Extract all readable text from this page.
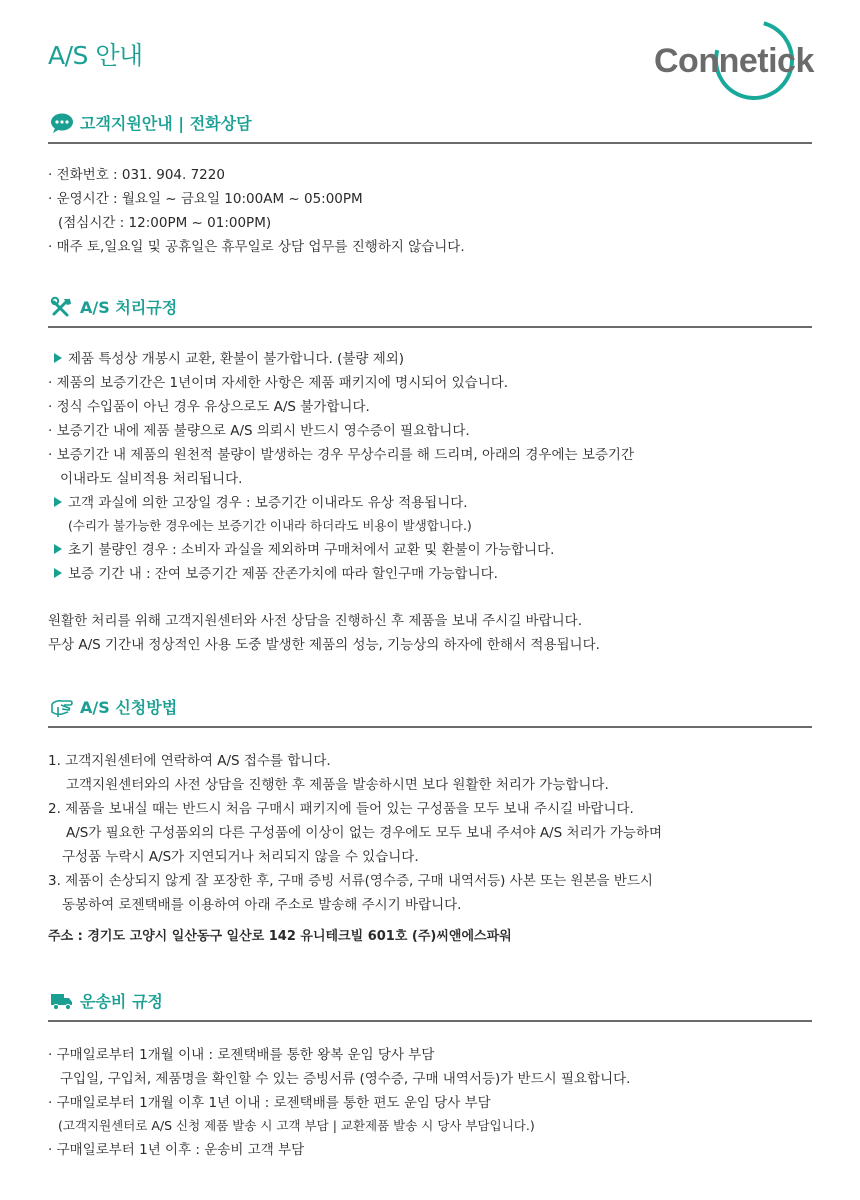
A/S 안내	Connetick
고객지원안내 | 전화상담
· 전화번호 : 031. 904. 7220
· 운영시간 : 월요일 ~ 금요일 10:00AM ~ 05:00PM
(점심시간 : 12:00PM ~ 01:00PM)
· 매주 토,일요일 및 공휴일은 휴무일로 상담 업무를 진행하지 않습니다.
A/S 처리규정
제품 특성상 개봉시 교환, 환불이 불가합니다. (불량 제외)
· 제품의 보증기간은 1년이며 자세한 사항은 제품 패키지에 명시되어 있습니다.
· 정식 수입품이 아닌 경우 유상으로도 A/S 불가합니다.
· 보증기간 내에 제품 불량으로 A/S 의뢰시 반드시 영수증이 필요합니다.
· 보증기간 내 제품의 원천적 불량이 발생하는 경우 무상수리를 해 드리며, 아래의 경우에는 보증기간
이내라도 실비적용 처리됩니다.
고객 과실에 의한 고장일 경우 : 보증기간 이내라도 유상 적용됩니다.
(수리가 불가능한 경우에는 보증기간 이내라 하더라도 비용이 발생합니다.)
초기 불량인 경우 : 소비자 과실을 제외하며 구매처에서 교환 및 환불이 가능합니다.
보증 기간 내 : 잔여 보증기간 제품 잔존가치에 따라 할인구매 가능합니다.
원활한 처리를 위해 고객지원센터와 사전 상담을 진행하신 후 제품을 보내 주시길 바랍니다.
무상 A/S 기간내 정상적인 사용 도중 발생한 제품의 성능, 기능상의 하자에 한해서 적용됩니다.
A/S 신청방법
1. 고객지원센터에 연락하여 A/S 접수를 합니다.
고객지원센터와의 사전 상담을 진행한 후 제품을 발송하시면 보다 원활한 처리가 가능합니다.
2. 제품을 보내실 때는 반드시 처음 구매시 패키지에 들어 있는 구성품을 모두 보내 주시길 바랍니다.
A/S가 필요한 구성품외의 다른 구성품에 이상이 없는 경우에도 모두 보내 주셔야 A/S 처리가 가능하며
구성품 누락시 A/S가 지연되거나 처리되지 않을 수 있습니다.
3. 제품이 손상되지 않게 잘 포장한 후, 구매 증빙 서류(영수증, 구매 내역서등) 사본 또는 원본을 반드시
동봉하여 로젠택배를 이용하여 아래 주소로 발송해 주시기 바랍니다.
주소 : 경기도 고양시 일산동구 일산로 142 유니테크빌 601호 (주)씨앤에스파워
운송비 규정
· 구매일로부터 1개월 이내 : 로젠택배를 통한 왕복 운임 당사 부담
구입일, 구입처, 제품명을 확인할 수 있는 증빙서류 (영수증, 구매 내역서등)가 반드시 필요합니다.
· 구매일로부터 1개월 이후 1년 이내 : 로젠택배를 통한 편도 운임 당사 부담
(고객지원센터로 A/S 신청 제품 발송 시 고객 부담 | 교환제품 발송 시 당사 부담입니다.)
· 구매일로부터 1년 이후 : 운송비 고객 부담
